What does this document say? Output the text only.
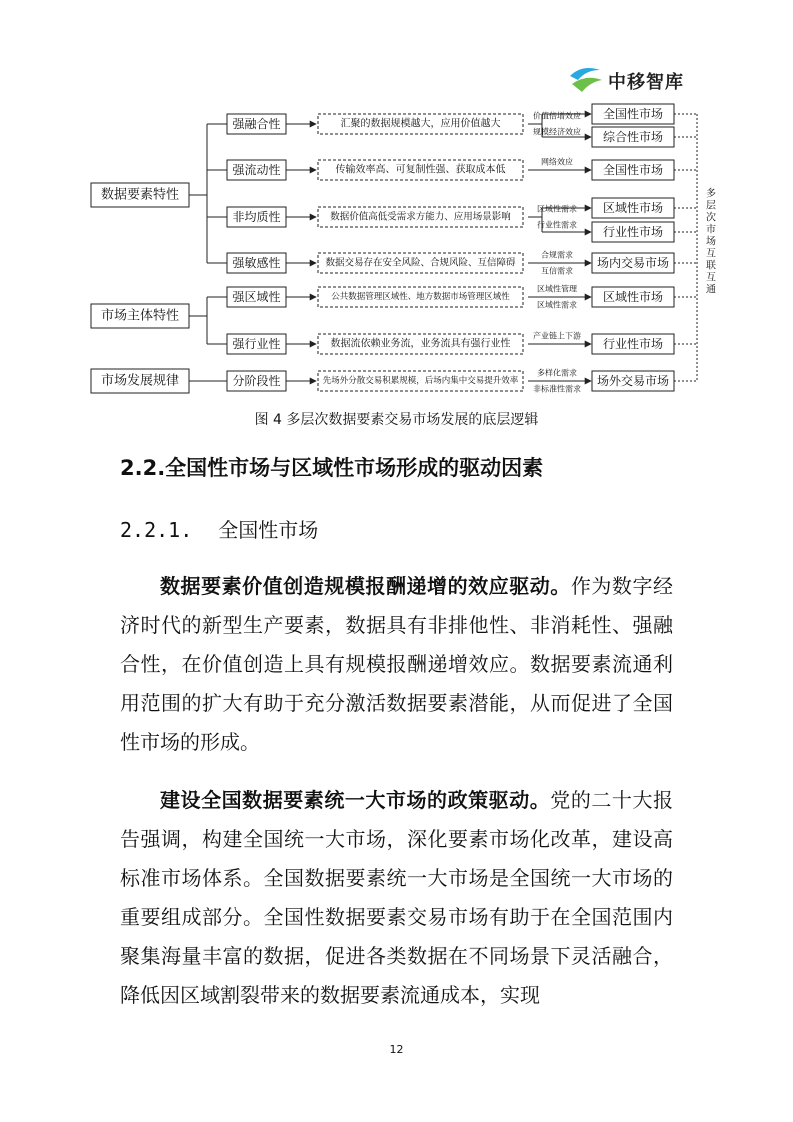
中移智库
数据要素特性
市场主体特性
市场发展规律
强融合性	汇聚的数据规模越大，应用价值越大
价值倍增效应
规模经济效应
全国性市场
综合性市场
强流动性	传输效率高、可复制性强、获取成本低
网络效应
全国性市场
非均质性	数据价值高低受需求方能力、应用场景影响
区域性需求
行业性需求
区域性市场
行业性市场
强敏感性	数据交易存在安全风险、合规风险、互信障碍
合规需求
互信需求
场内交易市场
强区域性	公共数据管理区域性、地方数据市场管理区域性
区域性管理
区域性需求
区域性市场
强行业性	数据流依赖业务流，业务流具有强行业性
产业链上下游
行业性市场
分阶段性	先场外分散交易积累规模，后场内集中交易提升效率
多样化需求
非标准性需求
场外交易市场
多
层
次
市
场
互
联
互
通
图 4 多层次数据要素交易市场发展的底层逻辑
2.2.全国性市场与区域性市场形成的驱动因素
2.2.1. 全国性市场

数据要素价值创造规模报酬递增的效应驱动。作为数字经济时代的新型生产要素，数据具有非排他性、非消耗性、强融合性，在价值创造上具有规模报酬递增效应。数据要素流通利用范围的扩大有助于充分激活数据要素潜能，从而促进了全国性市场的形成。

建设全国数据要素统一大市场的政策驱动。党的二十大报告强调，构建全国统一大市场，深化要素市场化改革，建设高标准市场体系。全国数据要素统一大市场是全国统一大市场的重要组成部分。全国性数据要素交易市场有助于在全国范围内聚集海量丰富的数据，促进各类数据在不同场景下灵活融合，降低因区域割裂带来的数据要素流通成本，实现

12
